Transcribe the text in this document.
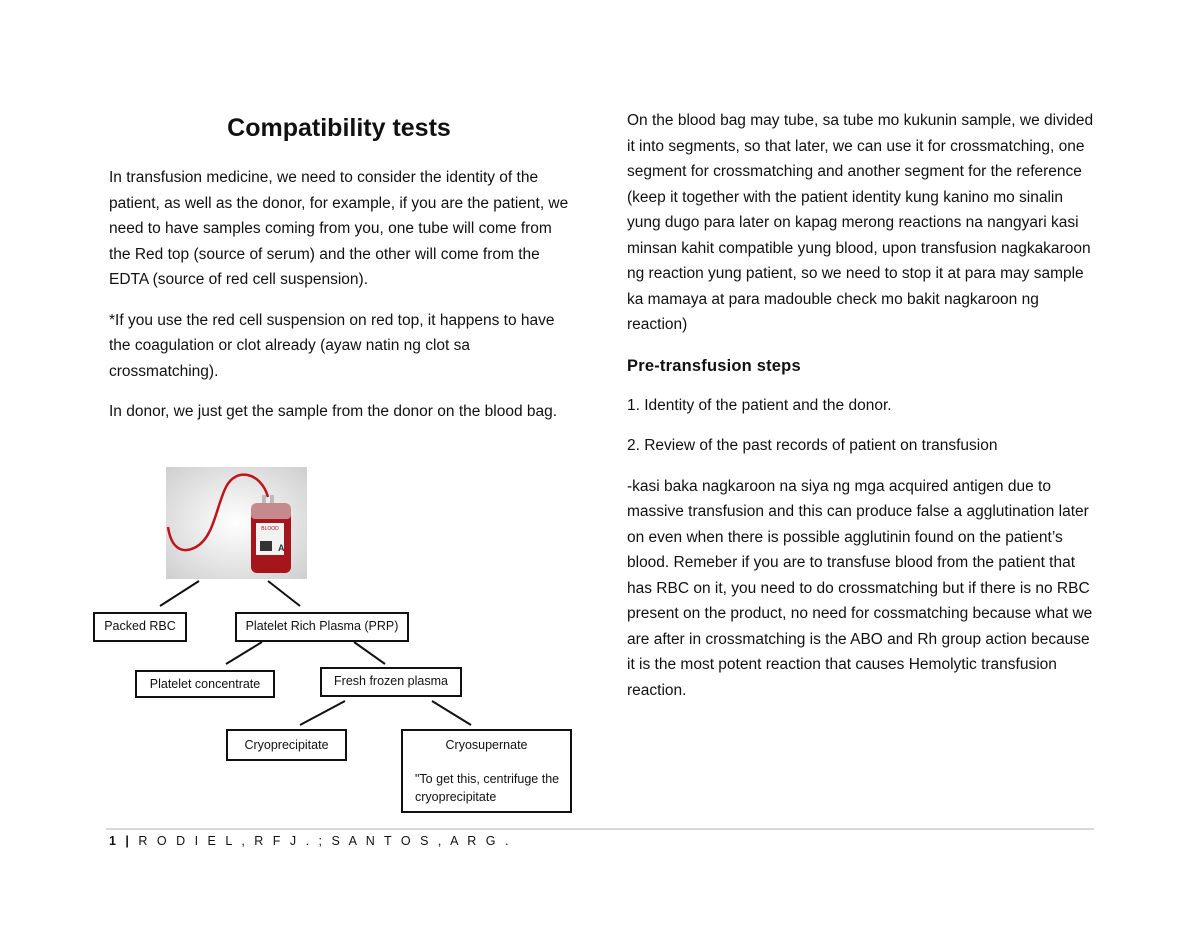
Compatibility tests

In transfusion medicine, we need to consider the identity of the patient, as well as the donor, for example, if you are the patient, we need to have samples coming from you, one tube will come from the Red top (source of serum) and the other will come from the EDTA (source of red cell suspension).

*If you use the red cell suspension on red top, it happens to have the coagulation or clot already (ayaw natin ng clot sa crossmatching).

In donor, we just get the sample from the donor on the blood bag.

BLOOD
A
Packed RBC	Platelet Rich Plasma (PRP)
Platelet concentrate	Fresh frozen plasma
Cryoprecipitate	Cryosupernate
"To get this, centrifuge the cryoprecipitate

On the blood bag may tube, sa tube mo kukunin sample, we divided it into segments, so that later, we can use it for crossmatching, one segment for crossmatching and another segment for the reference (keep it together with the patient identity kung kanino mo sinalin yung dugo para later on kapag merong reactions na nangyari kasi minsan kahit compatible yung blood, upon transfusion nagkakaroon ng reaction yung patient, so we need to stop it at para may sample ka mamaya at para madouble check mo bakit nagkaroon ng reaction)

Pre-transfusion steps

1. Identity of the patient and the donor.

2. Review of the past records of patient on transfusion

-kasi baka nagkaroon na siya ng mga acquired antigen due to massive transfusion and this can produce false a agglutination later on even when there is possible agglutinin found on the patient’s blood. Remeber if you are to transfuse blood from the patient that has RBC on it, you need to do crossmatching but if there is no RBC present on the product, no need for cossmatching because what we are after in crossmatching is the ABO and Rh group action because it is the most potent reaction that causes Hemolytic transfusion reaction.

1 | R O D I E L , R F J . ; S A N T O S , A R G .
